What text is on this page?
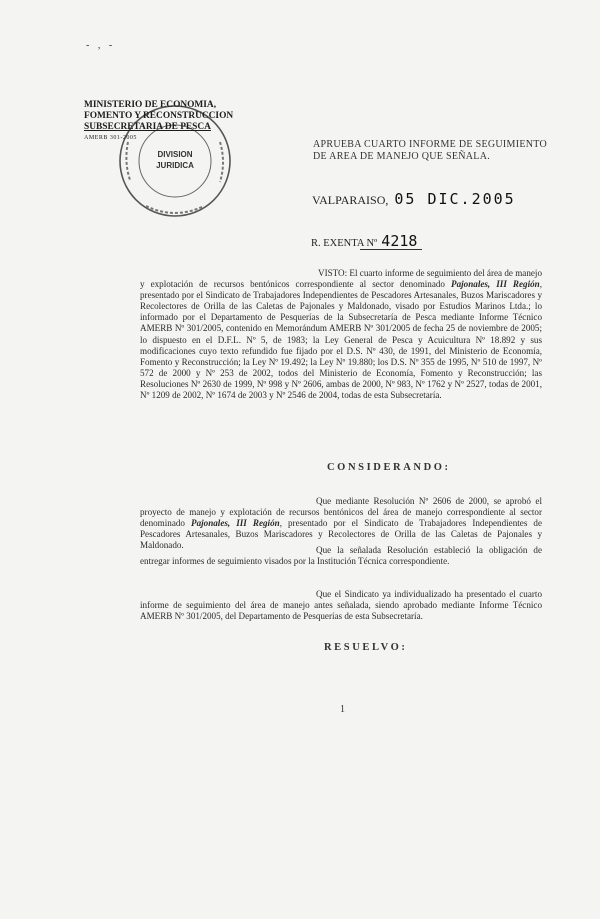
- , -
DIVISION
JURIDICA
MINISTERIO DE ECONOMIA,
FOMENTO Y RECONSTRUCCION
SUBSECRETARIA DE PESCA
AMERB 301-2005
APRUEBA CUARTO INFORME DE SEGUIMIENTO
DE AREA DE MANEJO QUE SEÑALA.
VALPARAISO, 05 DIC.2005
R. EXENTA Nº 4218
VISTO: El cuarto informe de seguimiento del área de manejo y explotación de recursos bentónicos correspondiente al sector denominado Pajonales, III Región, presentado por el Sindicato de Trabajadores Independientes de Pescadores Artesanales, Buzos Mariscadores y Recolectores de Orilla de las Caletas de Pajonales y Maldonado, visado por Estudios Marinos Ltda.; lo informado por el Departamento de Pesquerías de la Subsecretaría de Pesca mediante Informe Técnico AMERB Nº 301/2005, contenido en Memorándum AMERB Nº 301/2005 de fecha 25 de noviembre de 2005; lo dispuesto en el D.F.L. Nº 5, de 1983; la Ley General de Pesca y Acuicultura Nº 18.892 y sus modificaciones cuyo texto refundido fue fijado por el D.S. Nº 430, de 1991, del Ministerio de Economía, Fomento y Reconstrucción; la Ley Nº 19.492; la Ley Nº 19.880; los D.S. Nº 355 de 1995, Nº 510 de 1997, Nº 572 de 2000 y Nº 253 de 2002, todos del Ministerio de Economía, Fomento y Reconstrucción; las Resoluciones Nº 2630 de 1999, Nº 998 y Nº 2606, ambas de 2000, Nº 983, Nº 1762 y Nº 2527, todas de 2001, Nº 1209 de 2002, Nº 1674 de 2003 y Nº 2546 de 2004, todas de esta Subsecretaría.
CONSIDERANDO:
Que mediante Resolución Nº 2606 de 2000, se aprobó el proyecto de manejo y explotación de recursos bentónicos del área de manejo correspondiente al sector denominado Pajonales, III Región, presentado por el Sindicato de Trabajadores Independientes de Pescadores Artesanales, Buzos Mariscadores y Recolectores de Orilla de las Caletas de Pajonales y Maldonado.	Que la señalada Resolución estableció la obligación de entregar informes de seguimiento visados por la Institución Técnica correspondiente.
Que el Sindicato ya individualizado ha presentado el cuarto informe de seguimiento del área de manejo antes señalada, siendo aprobado mediante Informe Técnico AMERB Nº 301/2005, del Departamento de Pesquerías de esta Subsecretaría.
RESUELVO:
1
